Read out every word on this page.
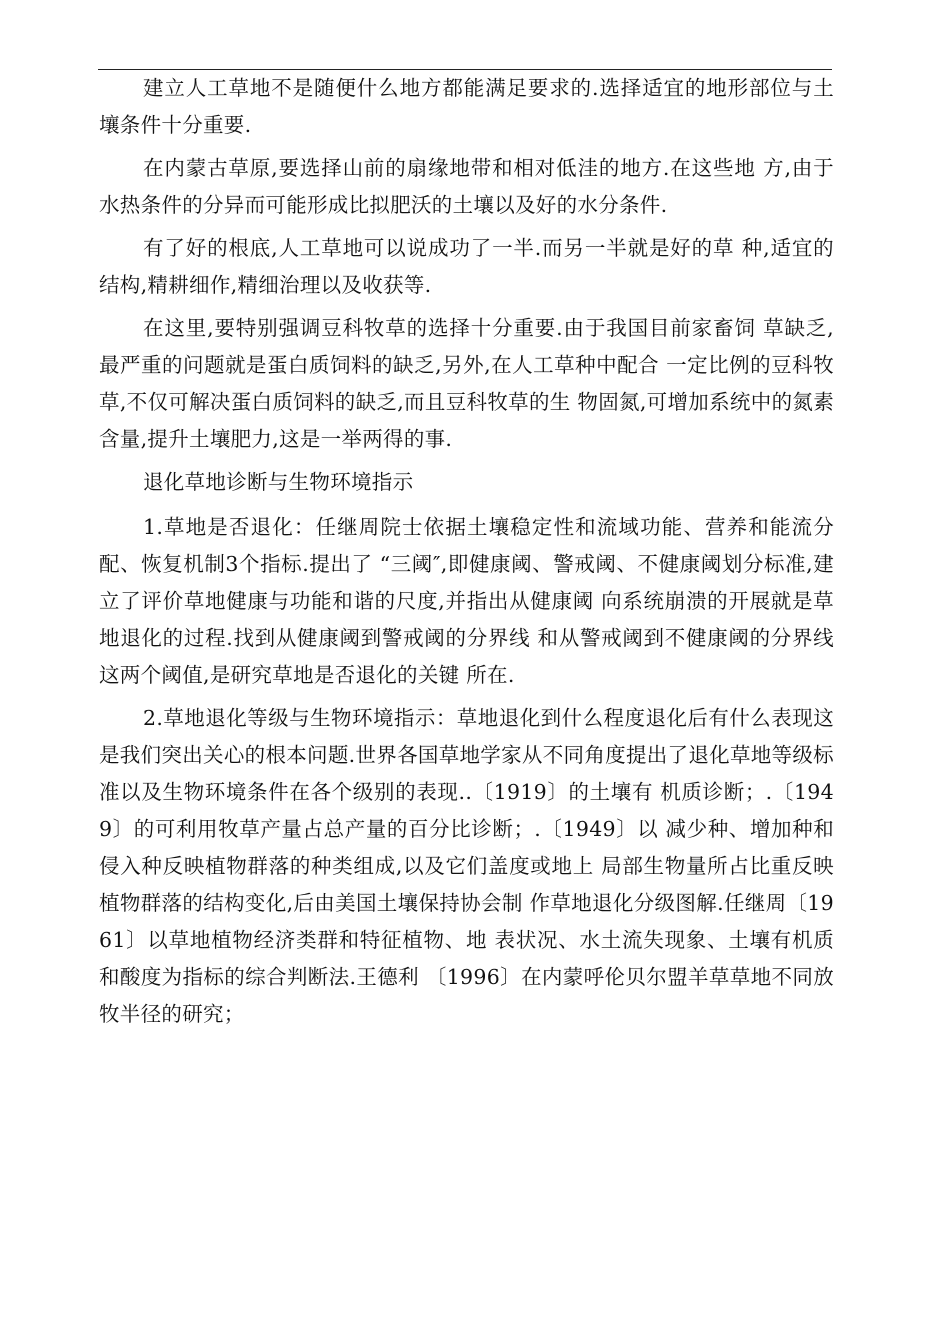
建立人工草地不是随便什么地方都能满足要求的.选择适宜的地形部位与土壤条件十分重要.

在内蒙古草原,要选择山前的扇缘地带和相对低洼的地方.在这些地 方,由于水热条件的分异而可能形成比拟肥沃的土壤以及好的水分条件.

有了好的根底,人工草地可以说成功了一半.而另一半就是好的草 种,适宜的结构,精耕细作,精细治理以及收获等.

在这里,要特别强调豆科牧草的选择十分重要.由于我国目前家畜饲 草缺乏,最严重的问题就是蛋白质饲料的缺乏,另外,在人工草种中配合 一定比例的豆科牧草,不仅可解决蛋白质饲料的缺乏,而且豆科牧草的生 物固氮,可增加系统中的氮素含量,提升土壤肥力,这是一举两得的事.

退化草地诊断与生物环境指示

1.草地是否退化：任继周院士依据土壤稳定性和流域功能、营养和能流分配、恢复机制3个指标.提出了 “三阈″,即健康阈、警戒阈、不健康阈划分标准,建立了评价草地健康与功能和谐的尺度,并指出从健康阈 向系统崩溃的开展就是草地退化的过程.找到从健康阈到警戒阈的分界线 和从警戒阈到不健康阈的分界线这两个阈值,是研究草地是否退化的关键 所在.

2.草地退化等级与生物环境指示：草地退化到什么程度退化后有什么表现这是我们突出关心的根本问题.世界各国草地学家从不同角度提出了退化草地等级标准以及生物环境条件在各个级别的表现..〔1919〕的土壤有 机质诊断；.〔1949〕的可利用牧草产量占总产量的百分比诊断；.〔1949〕以 减少种、增加种和侵入种反映植物群落的种类组成,以及它们盖度或地上 局部生物量所占比重反映植物群落的结构变化,后由美国土壤保持协会制 作草地退化分级图解.任继周〔1961〕以草地植物经济类群和特征植物、地 表状况、水土流失现象、土壤有机质和酸度为指标的综合判断法.王德利 〔1996〕在内蒙呼伦贝尔盟羊草草地不同放牧半径的研究；
